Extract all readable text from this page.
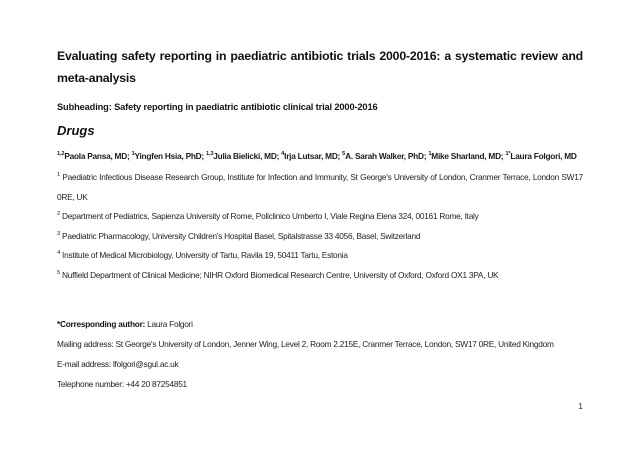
Evaluating safety reporting in paediatric antibiotic trials 2000-2016: a systematic review and meta-analysis

Subheading: Safety reporting in paediatric antibiotic clinical trial 2000-2016

Drugs

$^{1,2}$Paola Pansa, MD; $^1$Yingfen Hsia, PhD; $^{1,3}$Julia Bielicki, MD; $^4$Irja Lutsar, MD; $^5$A. Sarah Walker, PhD; $^1$Mike Sharland, MD; $^{1*}$Laura Folgori, MD

$^1$ Paediatric Infectious Disease Research Group, Institute for Infection and Immunity, St George's University of London, Cranmer Terrace, London SW17 0RE, UK

$^2$ Department of Pediatrics, Sapienza University of Rome, Policlinico Umberto I, Viale Regina Elena 324, 00161 Rome, Italy

$^3$ Paediatric Pharmacology, University Children's Hospital Basel, Spitalstrasse 33 4056, Basel, Switzerland

$^4$ Institute of Medical Microbiology, University of Tartu, Ravila 19, 50411 Tartu, Estonia

$^5$ Nuffield Department of Clinical Medicine; NIHR Oxford Biomedical Research Centre, University of Oxford, Oxford OX1 3PA, UK

*Corresponding author: Laura Folgori

Mailing address: St George's University of London, Jenner Wing, Level 2, Room 2.215E, Cranmer Terrace, London, SW17 0RE, United Kingdom

E-mail address: lfolgori@sgul.ac.uk

Telephone number: +44 20 87254851

1
